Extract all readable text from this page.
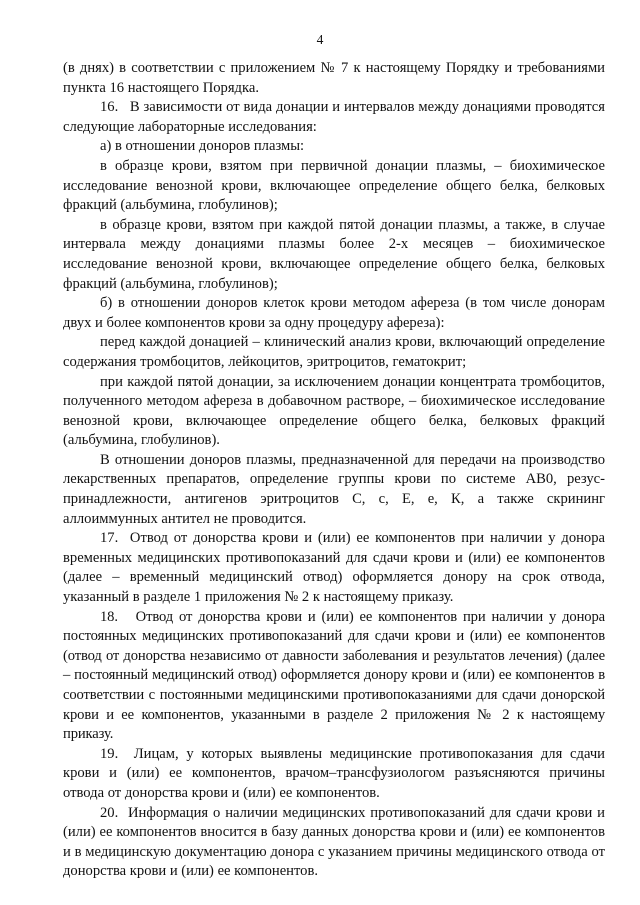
4

(в днях) в соответствии с приложением № 7 к настоящему Порядку и требованиями пункта 16 настоящего Порядка.

16.   В зависимости от вида донации и интервалов между донациями проводятся следующие лабораторные исследования:

а) в отношении доноров плазмы:

в образце крови, взятом при первичной донации плазмы, – биохимическое исследование венозной крови, включающее определение общего белка, белковых фракций (альбумина, глобулинов);

в образце крови, взятом при каждой пятой донации плазмы, а также, в случае интервала между донациями плазмы более 2-х месяцев – биохимическое исследование венозной крови, включающее определение общего белка, белковых фракций (альбумина, глобулинов);

б) в отношении доноров клеток крови методом афереза (в том числе донорам двух и более компонентов крови за одну процедуру афереза):

перед каждой донацией – клинический анализ крови, включающий определение содержания тромбоцитов, лейкоцитов, эритроцитов, гематокрит;

при каждой пятой донации, за исключением донации концентрата тромбоцитов, полученного методом афереза в добавочном растворе, – биохимическое исследование венозной крови, включающее определение общего белка, белковых фракций (альбумина, глобулинов).

В отношении доноров плазмы, предназначенной для передачи на производство лекарственных препаратов, определение группы крови по системе АВ0, резус-принадлежности, антигенов эритроцитов С, с, Е, е, К, а также скрининг аллоиммунных антител не проводится.

17.  Отвод от донорства крови и (или) ее компонентов при наличии у донора временных медицинских противопоказаний для сдачи крови и (или) ее компонентов (далее – временный медицинский отвод) оформляется донору на срок отвода, указанный в разделе 1 приложения № 2 к настоящему приказу.

18.   Отвод от донорства крови и (или) ее компонентов при наличии у донора постоянных медицинских противопоказаний для сдачи крови и (или) ее компонентов (отвод от донорства независимо от давности заболевания и результатов лечения) (далее – постоянный медицинский отвод) оформляется донору крови и (или) ее компонентов в соответствии с постоянными медицинскими противопоказаниями для сдачи донорской крови и ее компонентов, указанными в разделе 2 приложения № 2 к настоящему приказу.

19.  Лицам, у которых выявлены медицинские противопоказания для сдачи крови и (или) ее компонентов, врачом–трансфузиологом разъясняются причины отвода от донорства крови и (или) ее компонентов.

20.  Информация о наличии медицинских противопоказаний для сдачи крови и (или) ее компонентов вносится в базу данных донорства крови и (или) ее компонентов и в медицинскую документацию донора с указанием причины медицинского отвода от донорства крови и (или) ее компонентов.
